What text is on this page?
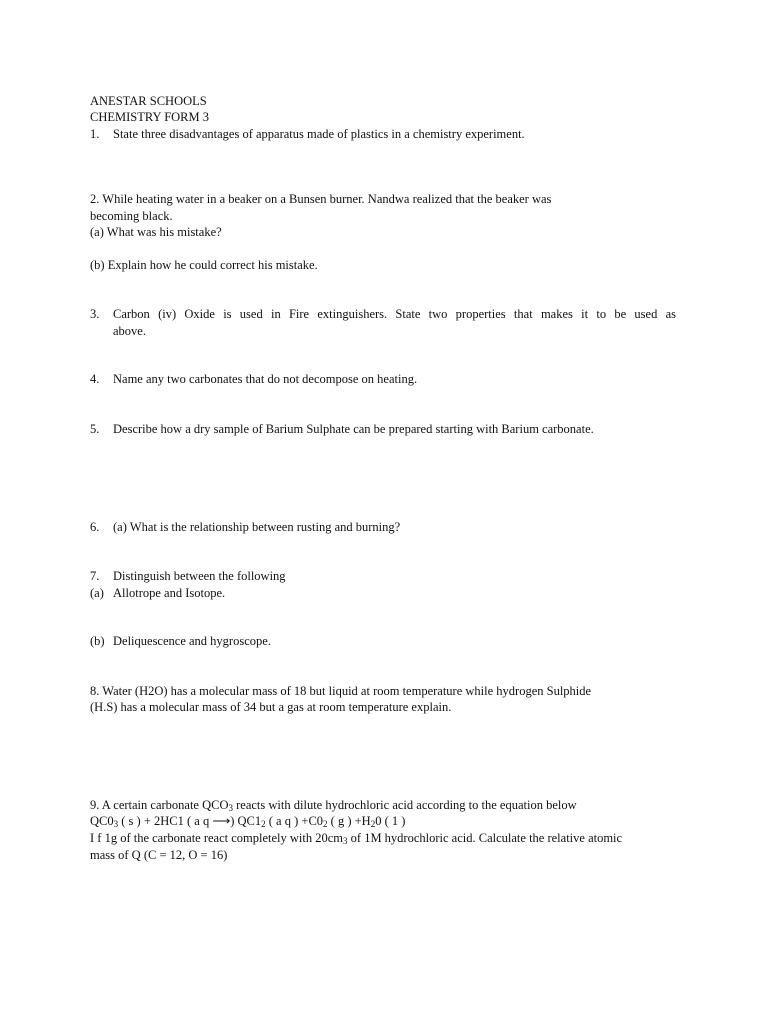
ANESTAR SCHOOLS
CHEMISTRY FORM 3
1. State three disadvantages of apparatus made of plastics in a chemistry experiment.
2. While heating water in a beaker on a Bunsen burner. Nandwa realized that the beaker was
becoming black.
(a) What was his mistake?
(b) Explain how he could correct his mistake.
3.	Carbon (iv) Oxide is used in Fire extinguishers. State two properties that makes it to be used as
above.
4. Name any two carbonates that do not decompose on heating.
5. Describe how a dry sample of Barium Sulphate can be prepared starting with Barium carbonate.
6. (a) What is the relationship between rusting and burning?
7. Distinguish between the following
(a) Allotrope and Isotope.
(b) Deliquescence and hygroscope.
8. Water (H2O) has a molecular mass of 18 but liquid at room temperature while hydrogen Sulphide
(H.S) has a molecular mass of 34 but a gas at room temperature explain.
9. A certain carbonate $QCO_3$ reacts with dilute hydrochloric acid according to the equation below
$QC0_3$ ( s ) + 2HC1 ( a q ⟶) $QC1_2$ ( a q ) $+C0_2$ ( g ) $+H_20$ ( 1 )
I f 1g of the carbonate react completely with $20cm_3$ of 1M hydrochloric acid. Calculate the relative atomic
mass of Q (C = 12, O = 16)
